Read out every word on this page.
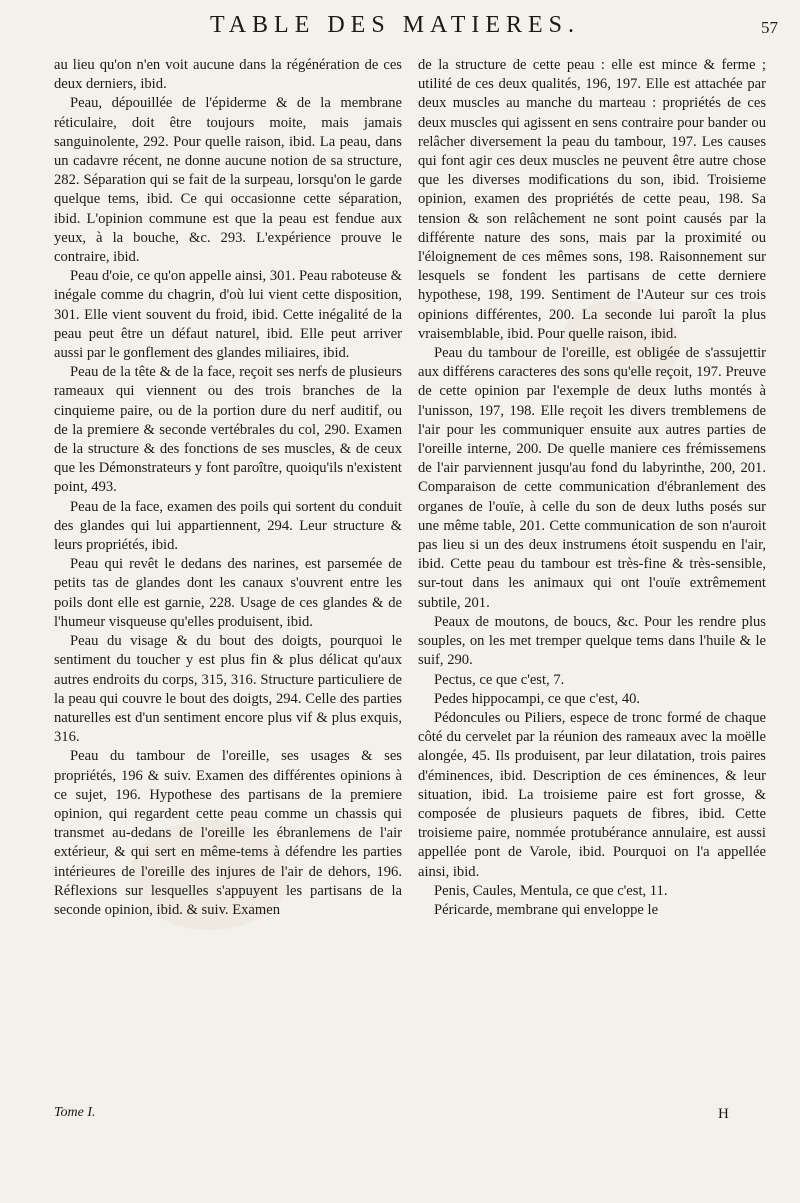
TABLE DES MATIERES.	57

au lieu qu'on n'en voit aucune dans la régénération de ces deux derniers, ibid.

Peau, dépouillée de l'épiderme & de la membrane réticulaire, doit être toujours moite, mais jamais sanguinolente, 292. Pour quelle raison, ibid. La peau, dans un cadavre récent, ne donne aucune notion de sa structure, 282. Séparation qui se fait de la surpeau, lorsqu'on le garde quelque tems, ibid. Ce qui occasionne cette séparation, ibid. L'opinion commune est que la peau est fendue aux yeux, à la bouche, &c. 293. L'expérience prouve le contraire, ibid.

Peau d'oie, ce qu'on appelle ainsi, 301. Peau raboteuse & inégale comme du chagrin, d'où lui vient cette disposition, 301. Elle vient souvent du froid, ibid. Cette inégalité de la peau peut être un défaut naturel, ibid. Elle peut arriver aussi par le gonflement des glandes miliaires, ibid.

Peau de la tête & de la face, reçoit ses nerfs de plusieurs rameaux qui viennent ou des trois branches de la cinquieme paire, ou de la portion dure du nerf auditif, ou de la premiere & seconde vertébrales du col, 290. Examen de la structure & des fonctions de ses muscles, & de ceux que les Démonstrateurs y font paroître, quoiqu'ils n'existent point, 493.

Peau de la face, examen des poils qui sortent du conduit des glandes qui lui appartiennent, 294. Leur structure & leurs propriétés, ibid.

Peau qui revêt le dedans des narines, est parsemée de petits tas de glandes dont les canaux s'ouvrent entre les poils dont elle est garnie, 228. Usage de ces glandes & de l'humeur visqueuse qu'elles produisent, ibid.

Peau du visage & du bout des doigts, pourquoi le sentiment du toucher y est plus fin & plus délicat qu'aux autres endroits du corps, 315, 316. Structure particuliere de la peau qui couvre le bout des doigts, 294. Celle des parties naturelles est d'un sentiment encore plus vif & plus exquis, 316.

Peau du tambour de l'oreille, ses usages & ses propriétés, 196 & suiv. Examen des différentes opinions à ce sujet, 196. Hypothese des partisans de la premiere opinion, qui regardent cette peau comme un chassis qui transmet au-dedans de l'oreille les ébranlemens de l'air extérieur, & qui sert en même-tems à défendre les parties intérieures de l'oreille des injures de l'air de dehors, 196. Réflexions sur lesquelles s'appuyent les partisans de la seconde opinion, ibid. & suiv. Examen

de la structure de cette peau : elle est mince & ferme ; utilité de ces deux qualités, 196, 197. Elle est attachée par deux muscles au manche du marteau : propriétés de ces deux muscles qui agissent en sens contraire pour bander ou relâcher diversement la peau du tambour, 197. Les causes qui font agir ces deux muscles ne peuvent être autre chose que les diverses modifications du son, ibid. Troisieme opinion, examen des propriétés de cette peau, 198. Sa tension & son relâchement ne sont point causés par la différente nature des sons, mais par la proximité ou l'éloignement de ces mêmes sons, 198. Raisonnement sur lesquels se fondent les partisans de cette derniere hypothese, 198, 199. Sentiment de l'Auteur sur ces trois opinions différentes, 200. La seconde lui paroît la plus vraisemblable, ibid. Pour quelle raison, ibid.

Peau du tambour de l'oreille, est obligée de s'assujettir aux différens caracteres des sons qu'elle reçoit, 197. Preuve de cette opinion par l'exemple de deux luths montés à l'unisson, 197, 198. Elle reçoit les divers tremblemens de l'air pour les communiquer ensuite aux autres parties de l'oreille interne, 200. De quelle maniere ces frémissemens de l'air parviennent jusqu'au fond du labyrinthe, 200, 201. Comparaison de cette communication d'ébranlement des organes de l'ouïe, à celle du son de deux luths posés sur une même table, 201. Cette communication de son n'auroit pas lieu si un des deux instrumens étoit suspendu en l'air, ibid. Cette peau du tambour est très-fine & très-sensible, sur-tout dans les animaux qui ont l'ouïe extrêmement subtile, 201.

Peaux de moutons, de boucs, &c. Pour les rendre plus souples, on les met tremper quelque tems dans l'huile & le suif, 290.

Pectus, ce que c'est, 7.

Pedes hippocampi, ce que c'est, 40.

Pédoncules ou Piliers, espece de tronc formé de chaque côté du cervelet par la réunion des rameaux avec la moëlle alongée, 45. Ils produisent, par leur dilatation, trois paires d'éminences, ibid. Description de ces éminences, & leur situation, ibid. La troisieme paire est fort grosse, & composée de plusieurs paquets de fibres, ibid. Cette troisieme paire, nommée protubérance annulaire, est aussi appellée pont de Varole, ibid. Pourquoi on l'a appellée ainsi, ibid.

Penis, Caules, Mentula, ce que c'est, 11.

Péricarde, membrane qui enveloppe le

Tome I.	H
